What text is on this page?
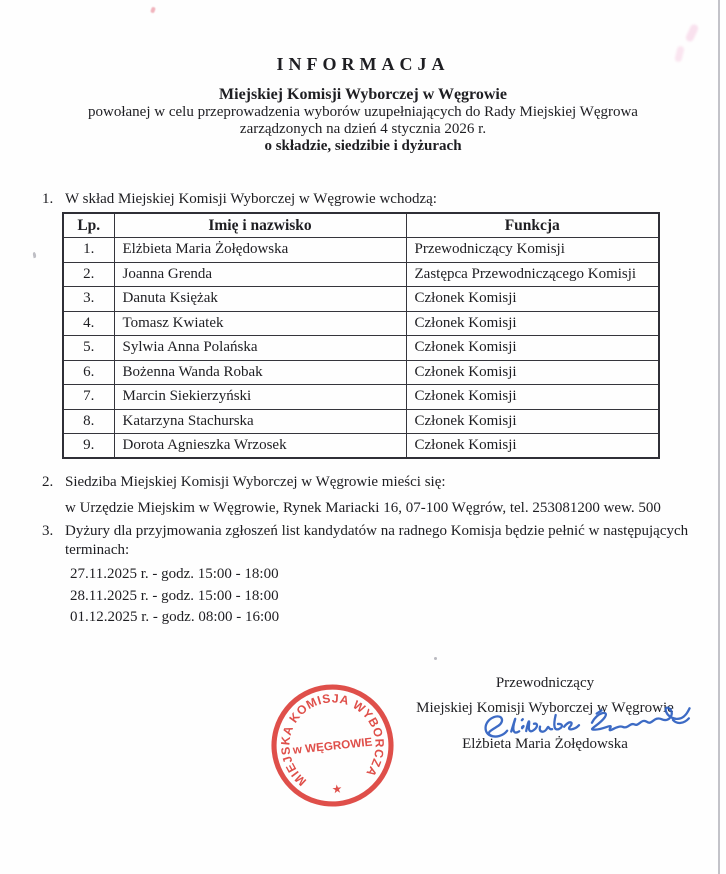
INFORMACJA
Miejskiej Komisji Wyborczej w Węgrowie
powołanej w celu przeprowadzenia wyborów uzupełniających do Rady Miejskiej Węgrowa
zarządzonych na dzień 4 stycznia 2026 r.
o składzie, siedzibie i dyżurach
1. W skład Miejskiej Komisji Wyborczej w Węgrowie wchodzą:
Lp.	Imię i nazwisko	Funkcja
1.	Elżbieta Maria Żołędowska	Przewodniczący Komisji
2.	Joanna Grenda	Zastępca Przewodniczącego Komisji
3.	Danuta Księżak	Członek Komisji
4.	Tomasz Kwiatek	Członek Komisji
5.	Sylwia Anna Polańska	Członek Komisji
6.	Bożenna Wanda Robak	Członek Komisji
7.	Marcin Siekierzyński	Członek Komisji
8.	Katarzyna Stachurska	Członek Komisji
9.	Dorota Agnieszka Wrzosek	Członek Komisji
2. Siedziba Miejskiej Komisji Wyborczej w Węgrowie mieści się:
w Urzędzie Miejskim w Węgrowie, Rynek Mariacki 16, 07-100 Węgrów, tel. 253081200 wew. 500
3. Dyżury dla przyjmowania zgłoszeń list kandydatów na radnego Komisja będzie pełnić w następujących
terminach:
27.11.2025 r. - godz. 15:00 - 18:00
28.11.2025 r. - godz. 15:00 - 18:00
01.12.2025 r. - godz. 08:00 - 16:00
MIEJSKA KOMISJA WYBORCZA
★
w WĘGROWIE
Przewodniczący
Miejskiej Komisji Wyborczej w Węgrowie
Elżbieta Maria Żołędowska
